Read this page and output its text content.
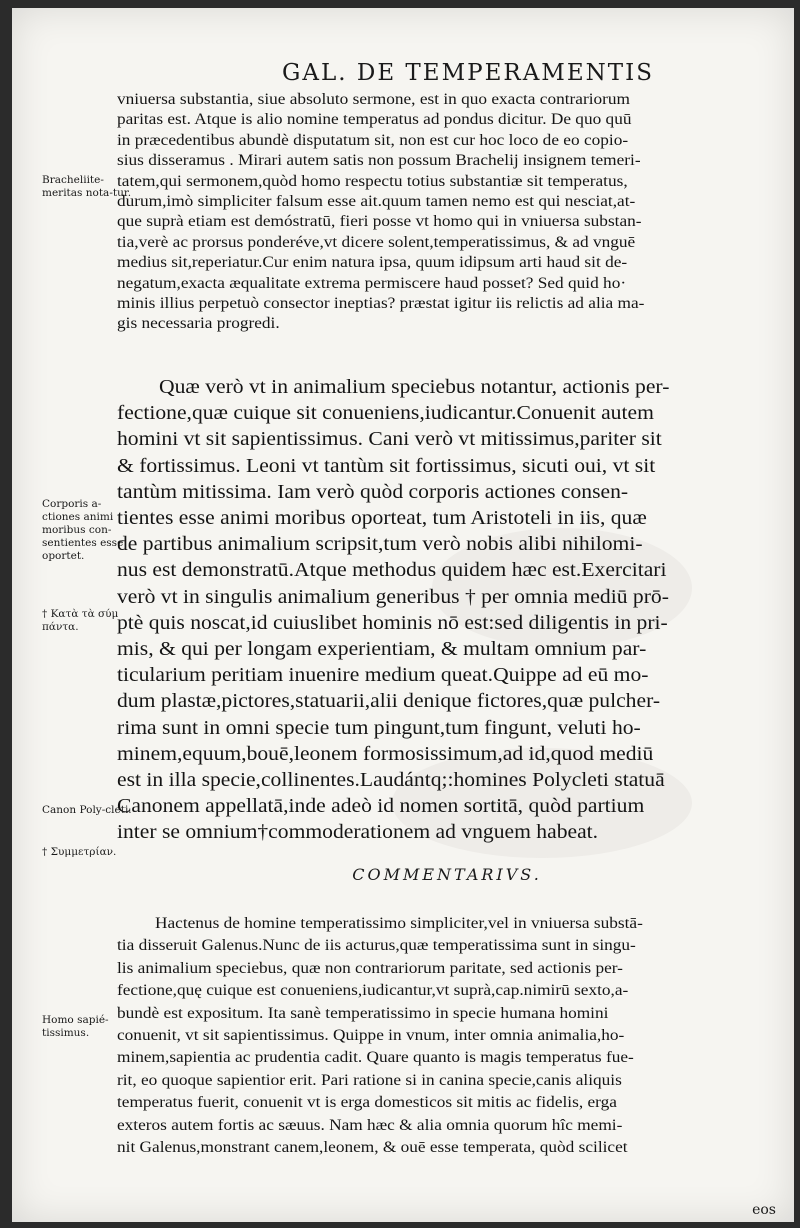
GAL. DE TEMPERAMENTIS
Bracheliite-meritas nota-tur.
Corporis a-ctiones animi moribus con-sentientes esse oportet.
† Κατὰ τὰ σύμ πάντα.
Canon Poly-cleti.
† Συμμετρίαν.
Homo sapié-tissimus.
vniuersa substantia, siue absoluto sermone, est in quo exacta contrariorum
paritas est. Atque is alio nomine temperatus ad pondus dicitur. De quo quū
in præcedentibus abundè disputatum sit, non est cur hoc loco de eo copio-
sius disseramus . Mirari autem satis non possum Brachelij insignem temeri-
tatem,qui sermonem,quòd homo respectu totius substantiæ sit temperatus,
durum,imò simpliciter falsum esse ait.quum tamen nemo est qui nesciat,at-
que suprà etiam est demóstratū, fieri posse vt homo qui in vniuersa substan-
tia,verè ac prorsus ponderéve,vt dicere solent,temperatissimus, & ad vnguē
medius sit,reperiatur.Cur enim natura ipsa, quum idipsum arti haud sit de-
negatum,exacta æqualitate extrema permiscere haud posset? Sed quid ho·
minis illius perpetuò consector ineptias? præstat igitur iis relictis ad alia ma-
gis necessaria progredi.
Quæ verò vt in animalium speciebus notantur, actionis per-
fectione,quæ cuique sit conueniens,iudicantur.Conuenit autem
homini vt sit sapientissimus. Cani verò vt mitissimus,pariter sit
& fortissimus. Leoni vt tantùm sit fortissimus, sicuti oui, vt sit
tantùm mitissima. Iam verò quòd corporis actiones consen-
tientes esse animi moribus oporteat, tum Aristoteli in iis, quæ
de partibus animalium scripsit,tum verò nobis alibi nihilomi-
nus est demonstratū.Atque methodus quidem hæc est.Exercitari
verò vt in singulis animalium generibus † per omnia mediū prō-
ptè quis noscat,id cuiuslibet hominis nō est:sed diligentis in pri-
mis, & qui per longam experientiam, & multam omnium par-
ticularium peritiam inuenire medium queat.Quippe ad eū mo-
dum plastæ,pictores,statuarii,alii denique fictores,quæ pulcher-
rima sunt in omni specie tum pingunt,tum fingunt, veluti ho-
minem,equum,bouē,leonem formosissimum,ad id,quod mediū
est in illa specie,collinentes.Laudántq;:homines Polycleti statuā
Canonem appellatā,inde adeò id nomen sortitā, quòd partium
inter se omnium†commoderationem ad vnguem habeat.
COMMENTARIVS.
Hactenus de homine temperatissimo simpliciter,vel in vniuersa substā-
tia disseruit Galenus.Nunc de iis acturus,quæ temperatissima sunt in singu-
lis animalium speciebus, quæ non contrariorum paritate, sed actionis per-
fectione,quę cuique est conueniens,iudicantur,vt suprà,cap.nimirū sexto,a-
bundè est expositum. Ita sanè temperatissimo in specie humana homini
conuenit, vt sit sapientissimus. Quippe in vnum, inter omnia animalia,ho-
minem,sapientia ac prudentia cadit. Quare quanto is magis temperatus fue-
rit, eo quoque sapientior erit. Pari ratione si in canina specie,canis aliquis
temperatus fuerit, conuenit vt is erga domesticos sit mitis ac fidelis, erga
exteros autem fortis ac sæuus. Nam hæc & alia omnia quorum hîc memi-
nit Galenus,monstrant canem,leonem, & ouē esse temperata, quòd scilicet
eos
